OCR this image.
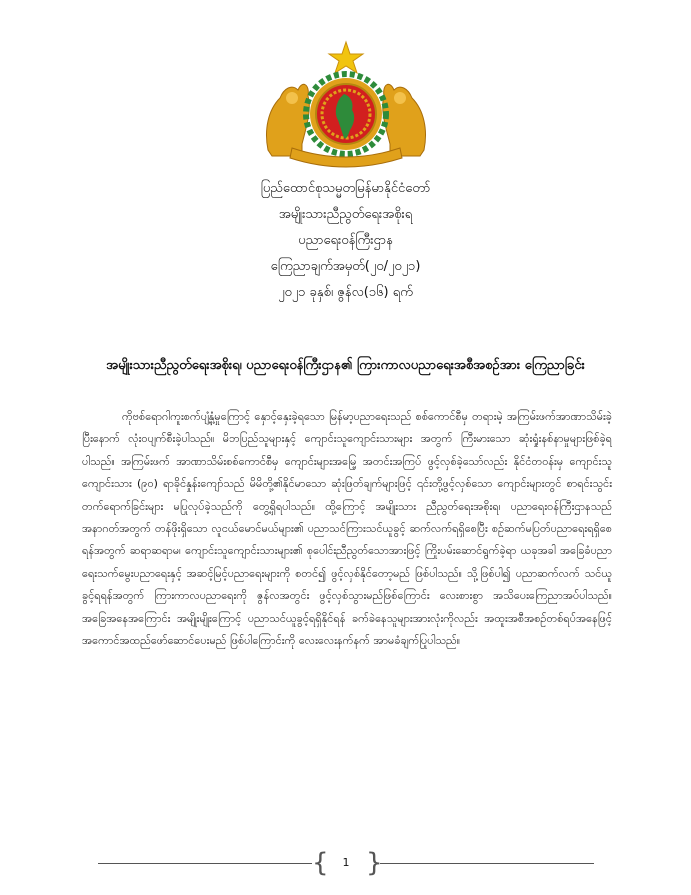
ပြည်ထောင်စုသမ္မတမြန်မာနိုင်ငံတော်
အမျိုးသားညီညွတ်ရေးအစိုးရ
ပညာရေးဝန်ကြီးဌာန
ကြေညာချက်အမှတ်(၂၀/၂၀၂၁)
၂၀၂၁ ခုနှစ်၊ ဇွန်လ(၁၆) ရက်
အမျိုးသားညီညွတ်ရေးအစိုးရ၊ ပညာရေးဝန်ကြီးဌာန၏ ကြားကာလပညာရေးအစီအစဉ်အား ကြေညာခြင်း

ကိုဗစ်ရောဂါကူးစက်ပျံ့နှံ့မှုကြောင့် နှောင့်နှေးခဲ့ရသော မြန်မာ့ပညာရေးသည် စစ်ကောင်စီမှ တရားမဲ့ အကြမ်းဖက်အာဏာသိမ်းခဲ့ပြီးနောက် လုံးဝပျက်စီးခဲ့ပါသည်။ မိဘပြည်သူများနှင့် ကျောင်းသူကျောင်းသားများ အတွက် ကြီးမားသော ဆုံးရှုံးနစ်နာမှုများဖြစ်ခဲ့ရပါသည်။ အကြမ်းဖက် အာဏာသိမ်းစစ်ကောင်စီမှ ကျောင်းများအမြေ့ အတင်းအကြပ် ဖွင့်လှစ်ခဲ့သော်လည်း နိုင်ငံတဝန်းမှ ကျောင်းသူကျောင်းသား (၉၀) ရာခိုင်နှုန်းကျော်သည် မိမိတို့၏နိုင်မာသော ဆုံးဖြတ်ချက်များဖြင့် ၎င်းတို့ဖွင့်လှစ်သော ကျောင်းများတွင် စာရင်းသွင်း တက်ရောက်ခြင်းများ မပြုလုပ်ခဲ့သည်ကို တွေ့ရှိရပါသည်။ ထို့ကြောင့် အမျိုးသား ညီညွတ်ရေးအစိုးရ၊ ပညာရေးဝန်ကြီးဌာနသည် အနာဂတ်အတွက် တန်ဖိုးရှိသော လူငယ်မောင်မယ်များ၏ ပညာသင်ကြားသင်ယူခွင့် ဆက်လက်ရရှိစေပြီး စဉ်ဆက်မပြတ်ပညာရေးရရှိစေရန်အတွက် ဆရာဆရာမ၊ ကျောင်းသူကျောင်းသားများ၏ စုပေါင်းညီညွတ်သောအားဖြင့် ကြိုးပမ်းဆောင်ရွက်ခဲ့ရာ ယခုအခါ အခြေခံပညာရေးသက်မွေးပညာရေးနှင့် အဆင့်မြင့်ပညာရေးများကို စတင်၍ ဖွင့်လှစ်နိုင်တော့မည် ဖြစ်ပါသည်။ သို့ဖြစ်ပါ၍ ပညာဆက်လက် သင်ယူခွင့်ရရန်အတွက် ကြားကာလပညာရေးကို ဇွန်လအတွင်း ဖွင့်လှစ်သွားမည်ဖြစ်ကြောင်း လေးစားစွာ အသိပေးကြေညာအပ်ပါသည်။ အခြေအနေအကြောင်း အမျိုးမျိုးကြောင့် ပညာသင်ယူခွင့်ရရှိနိုင်ရန် ခက်ခဲနေသူများအားလုံးကိုလည်း အထူးအစီအစဉ်တစ်ရပ်အနေဖြင့် အကောင်အထည်ဖော်ဆောင်ပေးမည် ဖြစ်ပါကြောင်းကို လေးလေးနက်နက် အာမခံချက်ပြုပါသည်။

{	1 }
